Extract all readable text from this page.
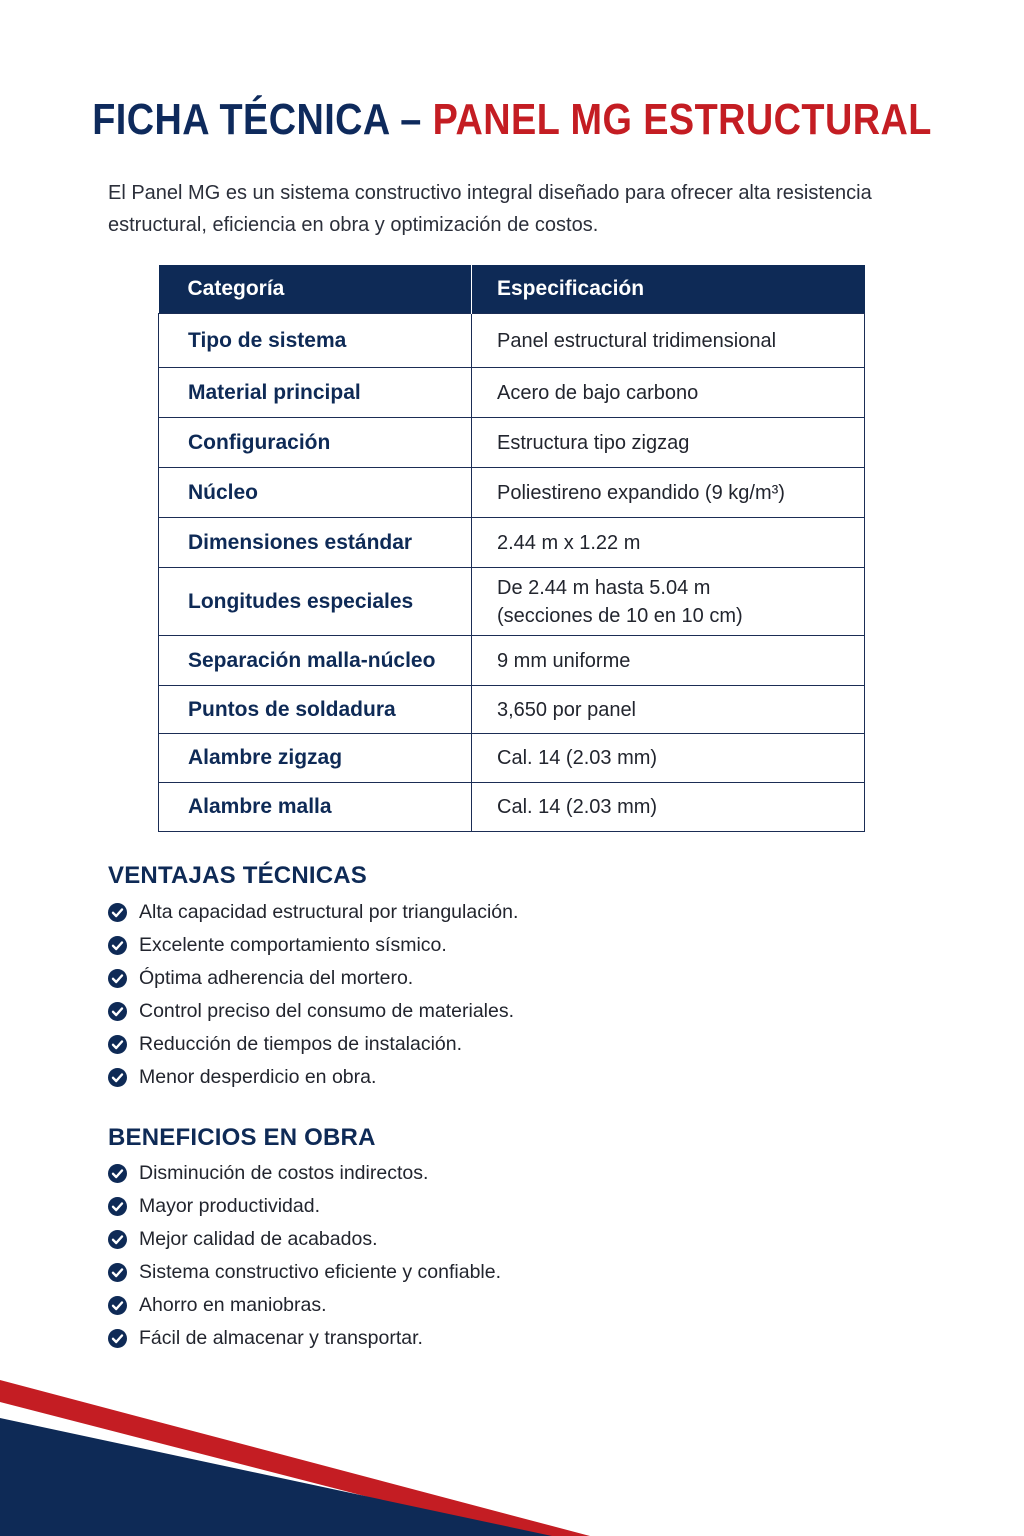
FICHA TÉCNICA – PANEL MG ESTRUCTURAL

El Panel MG es un sistema constructivo integral diseñado para ofrecer alta resistencia estructural, eficiencia en obra y optimización de costos.

Categoría	Especificación
Tipo de sistema	Panel estructural tridimensional
Material principal	Acero de bajo carbono
Configuración	Estructura tipo zigzag
Núcleo	Poliestireno expandido (9 kg/m³)
Dimensiones estándar	2.44 m x 1.22 m
Longitudes especiales	De 2.44 m hasta 5.04 m
(secciones de 10 en 10 cm)

Separación malla-núcleo	9 mm uniforme
Puntos de soldadura	3,650 por panel
Alambre zigzag	Cal. 14 (2.03 mm)
Alambre malla	Cal. 14 (2.03 mm)
VENTAJAS TÉCNICAS
Alta capacidad estructural por triangulación.
Excelente comportamiento sísmico.
Óptima adherencia del mortero.
Control preciso del consumo de materiales.
Reducción de tiempos de instalación.
Menor desperdicio en obra.
BENEFICIOS EN OBRA
Disminución de costos indirectos.
Mayor productividad.
Mejor calidad de acabados.
Sistema constructivo eficiente y confiable.
Ahorro en maniobras.
Fácil de almacenar y transportar.
